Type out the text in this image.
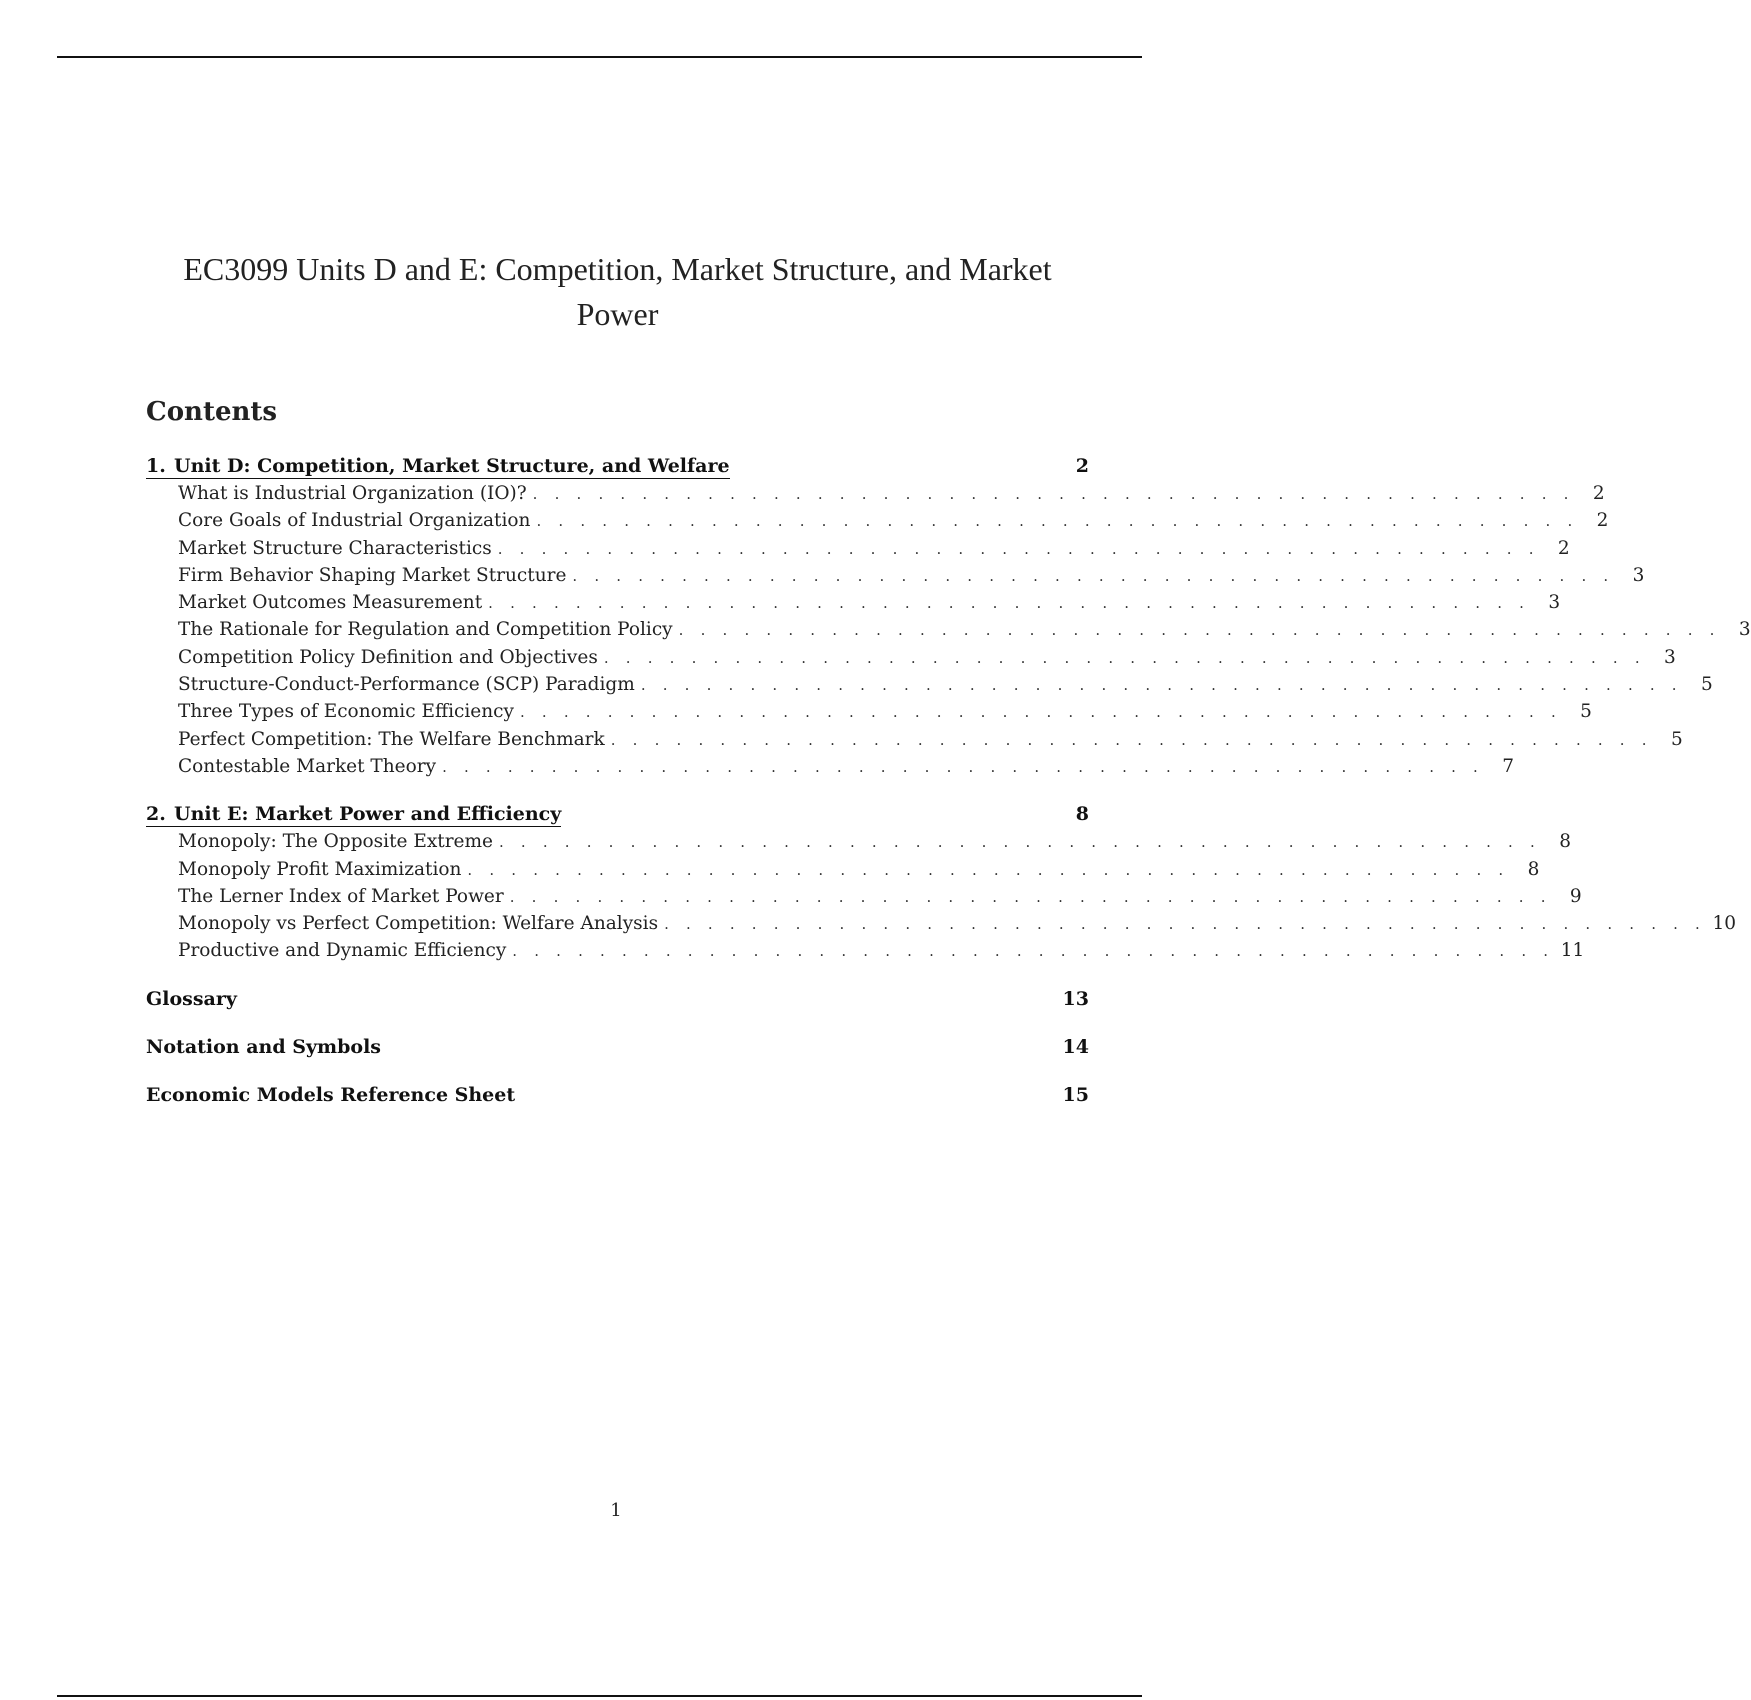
EC3099 Units D and E: Competition, Market Structure, and Market Power
Contents
1. Unit D: Competition, Market Structure, and Welfare	2
What is Industrial Organization (IO)? . . . . . . . . . . . . . . . . . . . . . . . . . . . . . . . . . . . . . . . . . . . . . . . . 2
Core Goals of Industrial Organization . . . . . . . . . . . . . . . . . . . . . . . . . . . . . . . . . . . . . . . . . . . . . . . . 2
Market Structure Characteristics . . . . . . . . . . . . . . . . . . . . . . . . . . . . . . . . . . . . . . . . . . . . . . . . 2
Firm Behavior Shaping Market Structure . . . . . . . . . . . . . . . . . . . . . . . . . . . . . . . . . . . . . . . . . . . . . . . . 3
Market Outcomes Measurement . . . . . . . . . . . . . . . . . . . . . . . . . . . . . . . . . . . . . . . . . . . . . . . . 3
The Rationale for Regulation and Competition Policy . . . . . . . . . . . . . . . . . . . . . . . . . . . . . . . . . . . . . . . . . . . . . . . . 3
Competition Policy Definition and Objectives . . . . . . . . . . . . . . . . . . . . . . . . . . . . . . . . . . . . . . . . . . . . . . . . 3
Structure-Conduct-Performance (SCP) Paradigm . . . . . . . . . . . . . . . . . . . . . . . . . . . . . . . . . . . . . . . . . . . . . . . . 5
Three Types of Economic Efficiency . . . . . . . . . . . . . . . . . . . . . . . . . . . . . . . . . . . . . . . . . . . . . . . . 5
Perfect Competition: The Welfare Benchmark . . . . . . . . . . . . . . . . . . . . . . . . . . . . . . . . . . . . . . . . . . . . . . . . 5
Contestable Market Theory . . . . . . . . . . . . . . . . . . . . . . . . . . . . . . . . . . . . . . . . . . . . . . . . 7
2. Unit E: Market Power and Efficiency	8
Monopoly: The Opposite Extreme . . . . . . . . . . . . . . . . . . . . . . . . . . . . . . . . . . . . . . . . . . . . . . . . 8
Monopoly Profit Maximization . . . . . . . . . . . . . . . . . . . . . . . . . . . . . . . . . . . . . . . . . . . . . . . . 8
The Lerner Index of Market Power . . . . . . . . . . . . . . . . . . . . . . . . . . . . . . . . . . . . . . . . . . . . . . . . 9
Monopoly vs Perfect Competition: Welfare Analysis . . . . . . . . . . . . . . . . . . . . . . . . . . . . . . . . . . . . . . . . . . . . . . . . 10
Productive and Dynamic Efficiency . . . . . . . . . . . . . . . . . . . . . . . . . . . . . . . . . . . . . . . . . . . . . . . . 11
Glossary	13
Notation and Symbols	14
Economic Models Reference Sheet	15
1
